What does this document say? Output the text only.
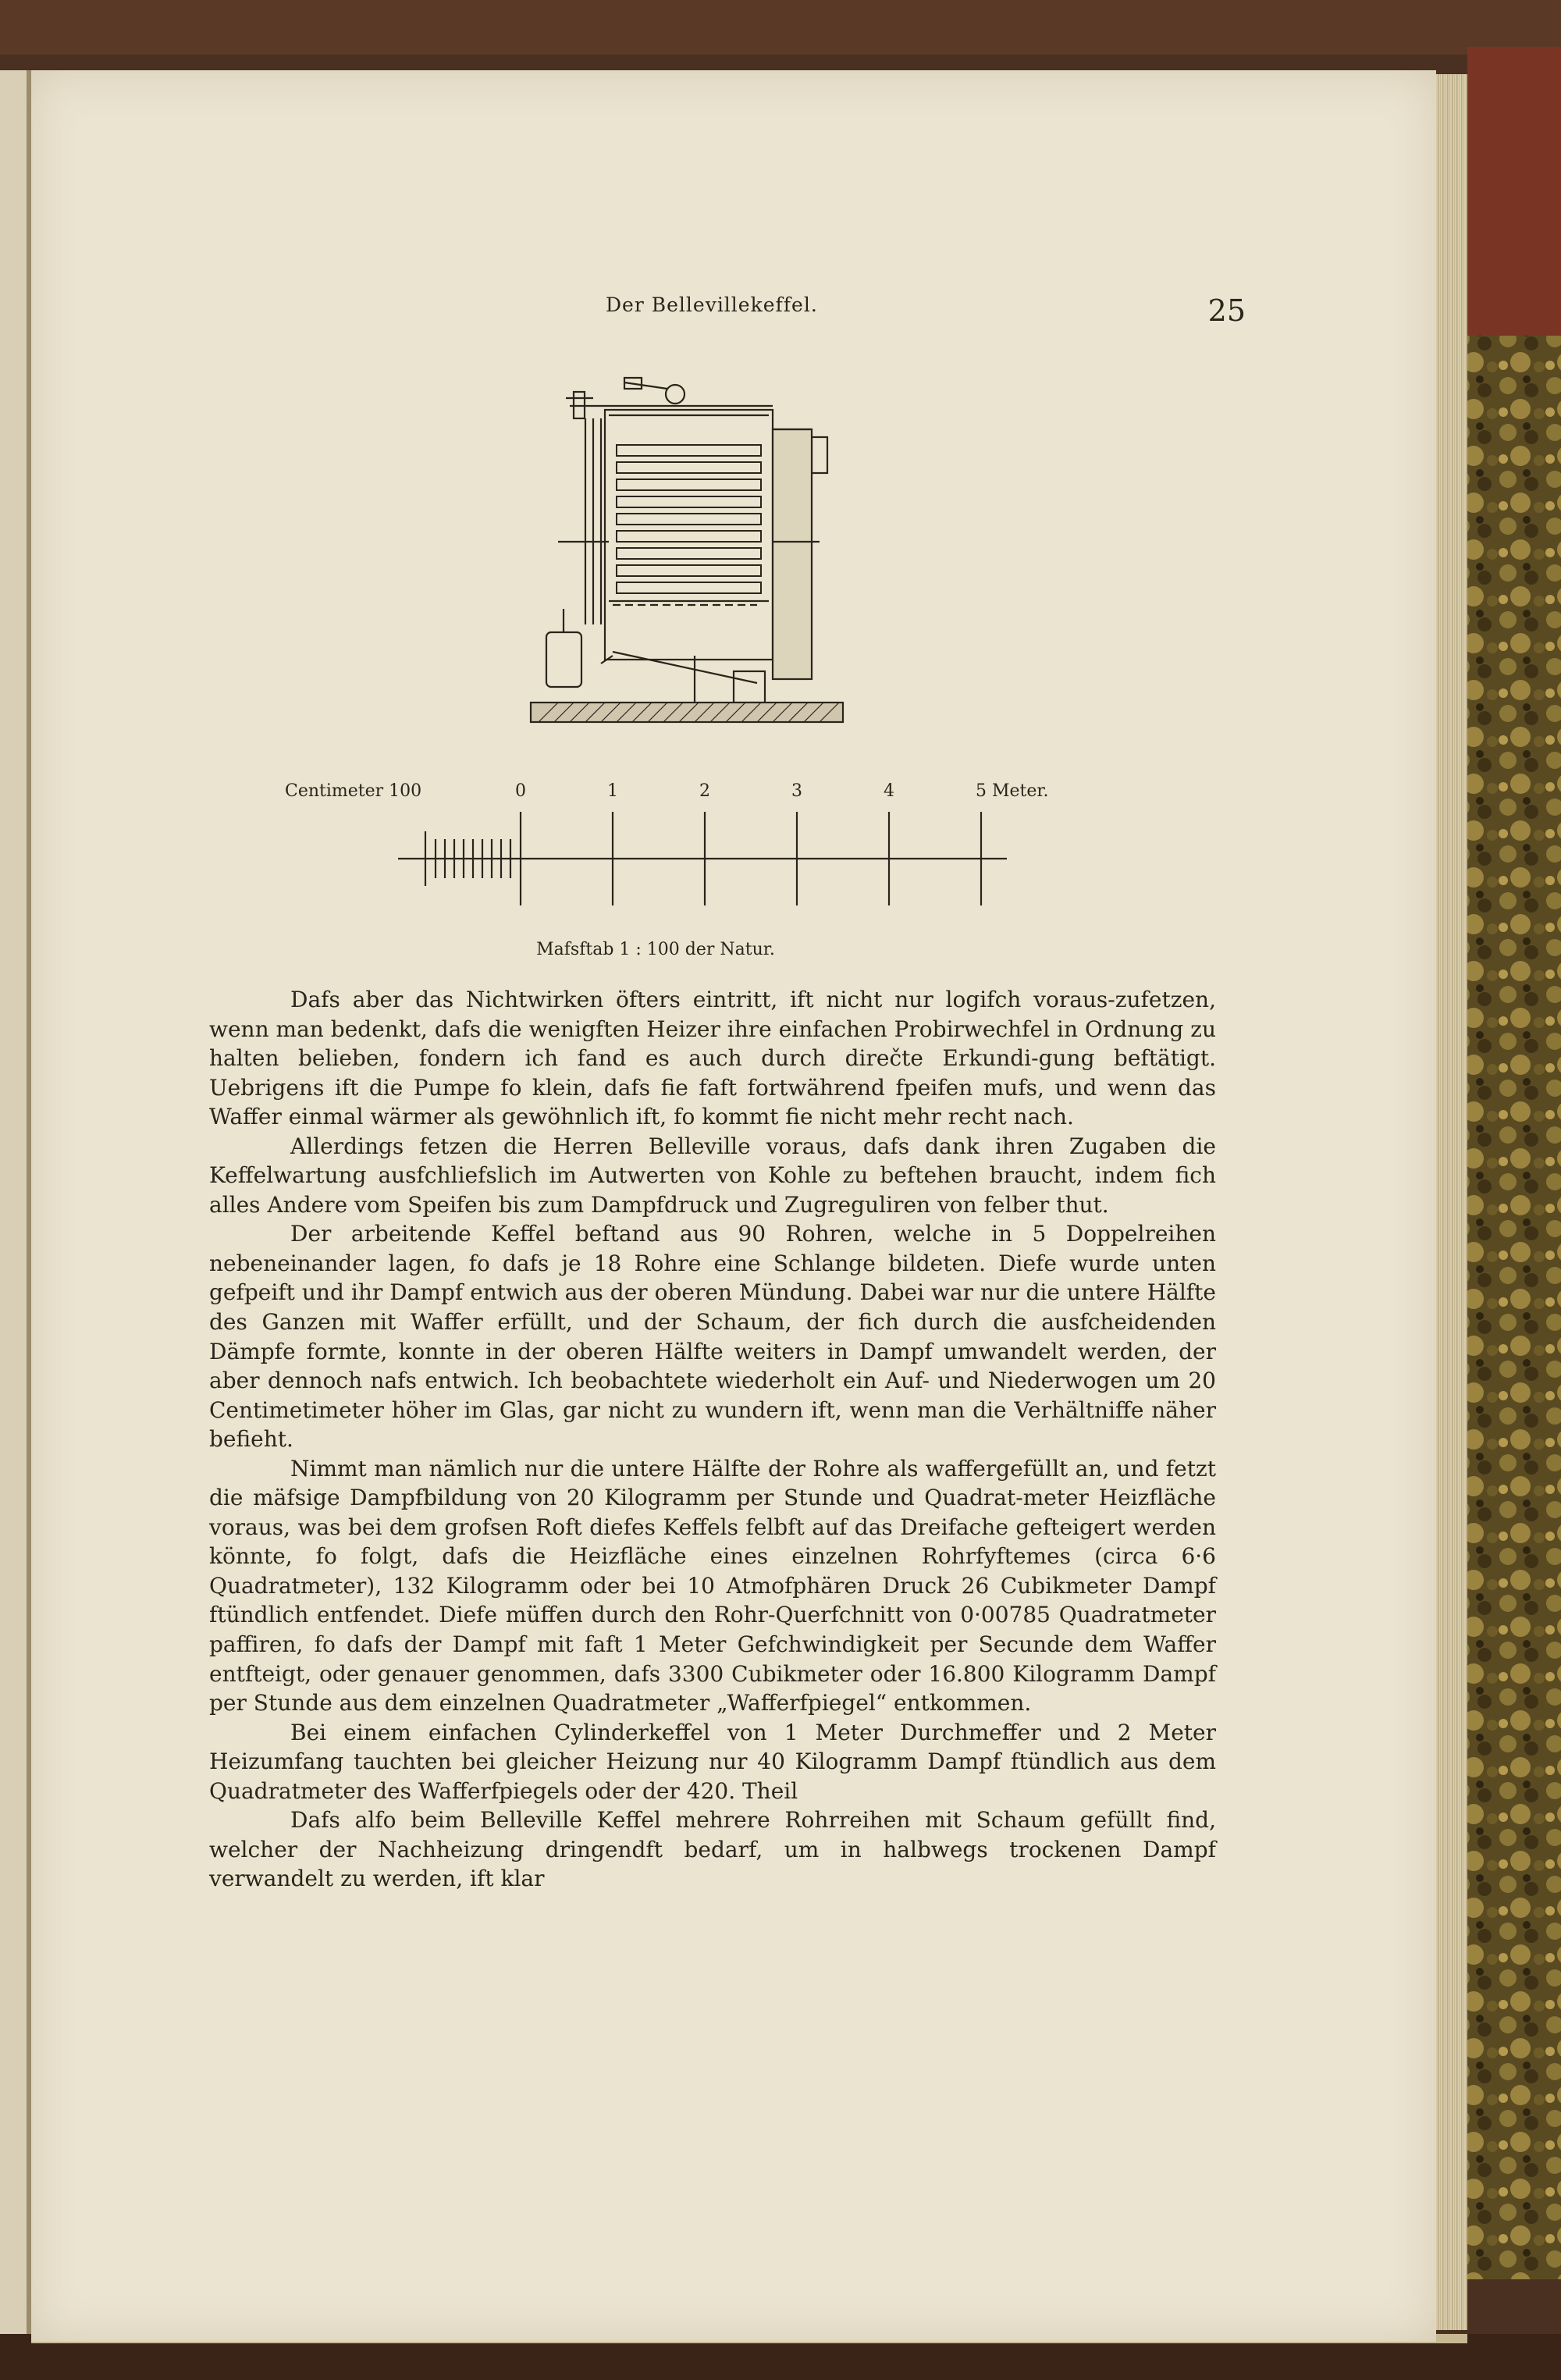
Der Bellevillekeffel.	25
Centimeter 100	0	1	2	3	4	5 Meter.
Mafsftab 1 : 100 der Natur.

Dafs aber das Nichtwirken öfters eintritt, ift nicht nur logifch voraus-zufetzen, wenn man bedenkt, dafs die wenigften Heizer ihre einfachen Probirwechfel in Ordnung zu halten belieben, fondern ich fand es auch durch direčte Erkundi-gung beftätigt. Uebrigens ift die Pumpe fo klein, dafs fie faft fortwährend fpeifen mufs, und wenn das Waffer einmal wärmer als gewöhnlich ift, fo kommt fie nicht mehr recht nach.

Allerdings fetzen die Herren Belleville voraus, dafs dank ihren Zugaben die Keffelwartung ausfchliefslich im Autwerten von Kohle zu beftehen braucht, indem fich alles Andere vom Speifen bis zum Dampfdruck und Zugreguliren von felber thut.

Der arbeitende Keffel beftand aus 90 Rohren, welche in 5 Doppelreihen nebeneinander lagen, fo dafs je 18 Rohre eine Schlange bildeten. Diefe wurde unten gefpeift und ihr Dampf entwich aus der oberen Mündung. Dabei war nur die untere Hälfte des Ganzen mit Waffer erfüllt, und der Schaum, der fich durch die ausfcheidenden Dämpfe formte, konnte in der oberen Hälfte weiters in Dampf umwandelt werden, der aber dennoch nafs entwich. Ich beobachtete wiederholt ein Auf- und Niederwogen um 20 Centimetimeter höher im Glas, gar nicht zu wundern ift, wenn man die Verhältniffe näher befieht.

Nimmt man nämlich nur die untere Hälfte der Rohre als waffergefüllt an, und fetzt die mäfsige Dampfbildung von 20 Kilogramm per Stunde und Quadrat-meter Heizfläche voraus, was bei dem grofsen Roft diefes Keffels felbft auf das Dreifache gefteigert werden könnte, fo folgt, dafs die Heizfläche eines einzelnen Rohrfyftemes (circa 6·6 Quadratmeter), 132 Kilogramm oder bei 10 Atmofphären Druck 26 Cubikmeter Dampf ftündlich entfendet. Diefe müffen durch den Rohr-Querfchnitt von 0·00785 Quadratmeter paffiren, fo dafs der Dampf mit faft 1 Meter Gefchwindigkeit per Secunde dem Waffer entfteigt, oder genauer genommen, dafs 3300 Cubikmeter oder 16.800 Kilogramm Dampf per Stunde aus dem einzelnen Quadratmeter „Wafferfpiegel“ entkommen.

Bei einem einfachen Cylinderkeffel von 1 Meter Durchmeffer und 2 Meter Heizumfang tauchten bei gleicher Heizung nur 40 Kilogramm Dampf ftündlich aus dem Quadratmeter des Wafferfpiegels oder der 420. Theil

Dafs alfo beim Belleville Keffel mehrere Rohrreihen mit Schaum gefüllt find, welcher der Nachheizung dringendft bedarf, um in halbwegs trockenen Dampf verwandelt zu werden, ift klar
